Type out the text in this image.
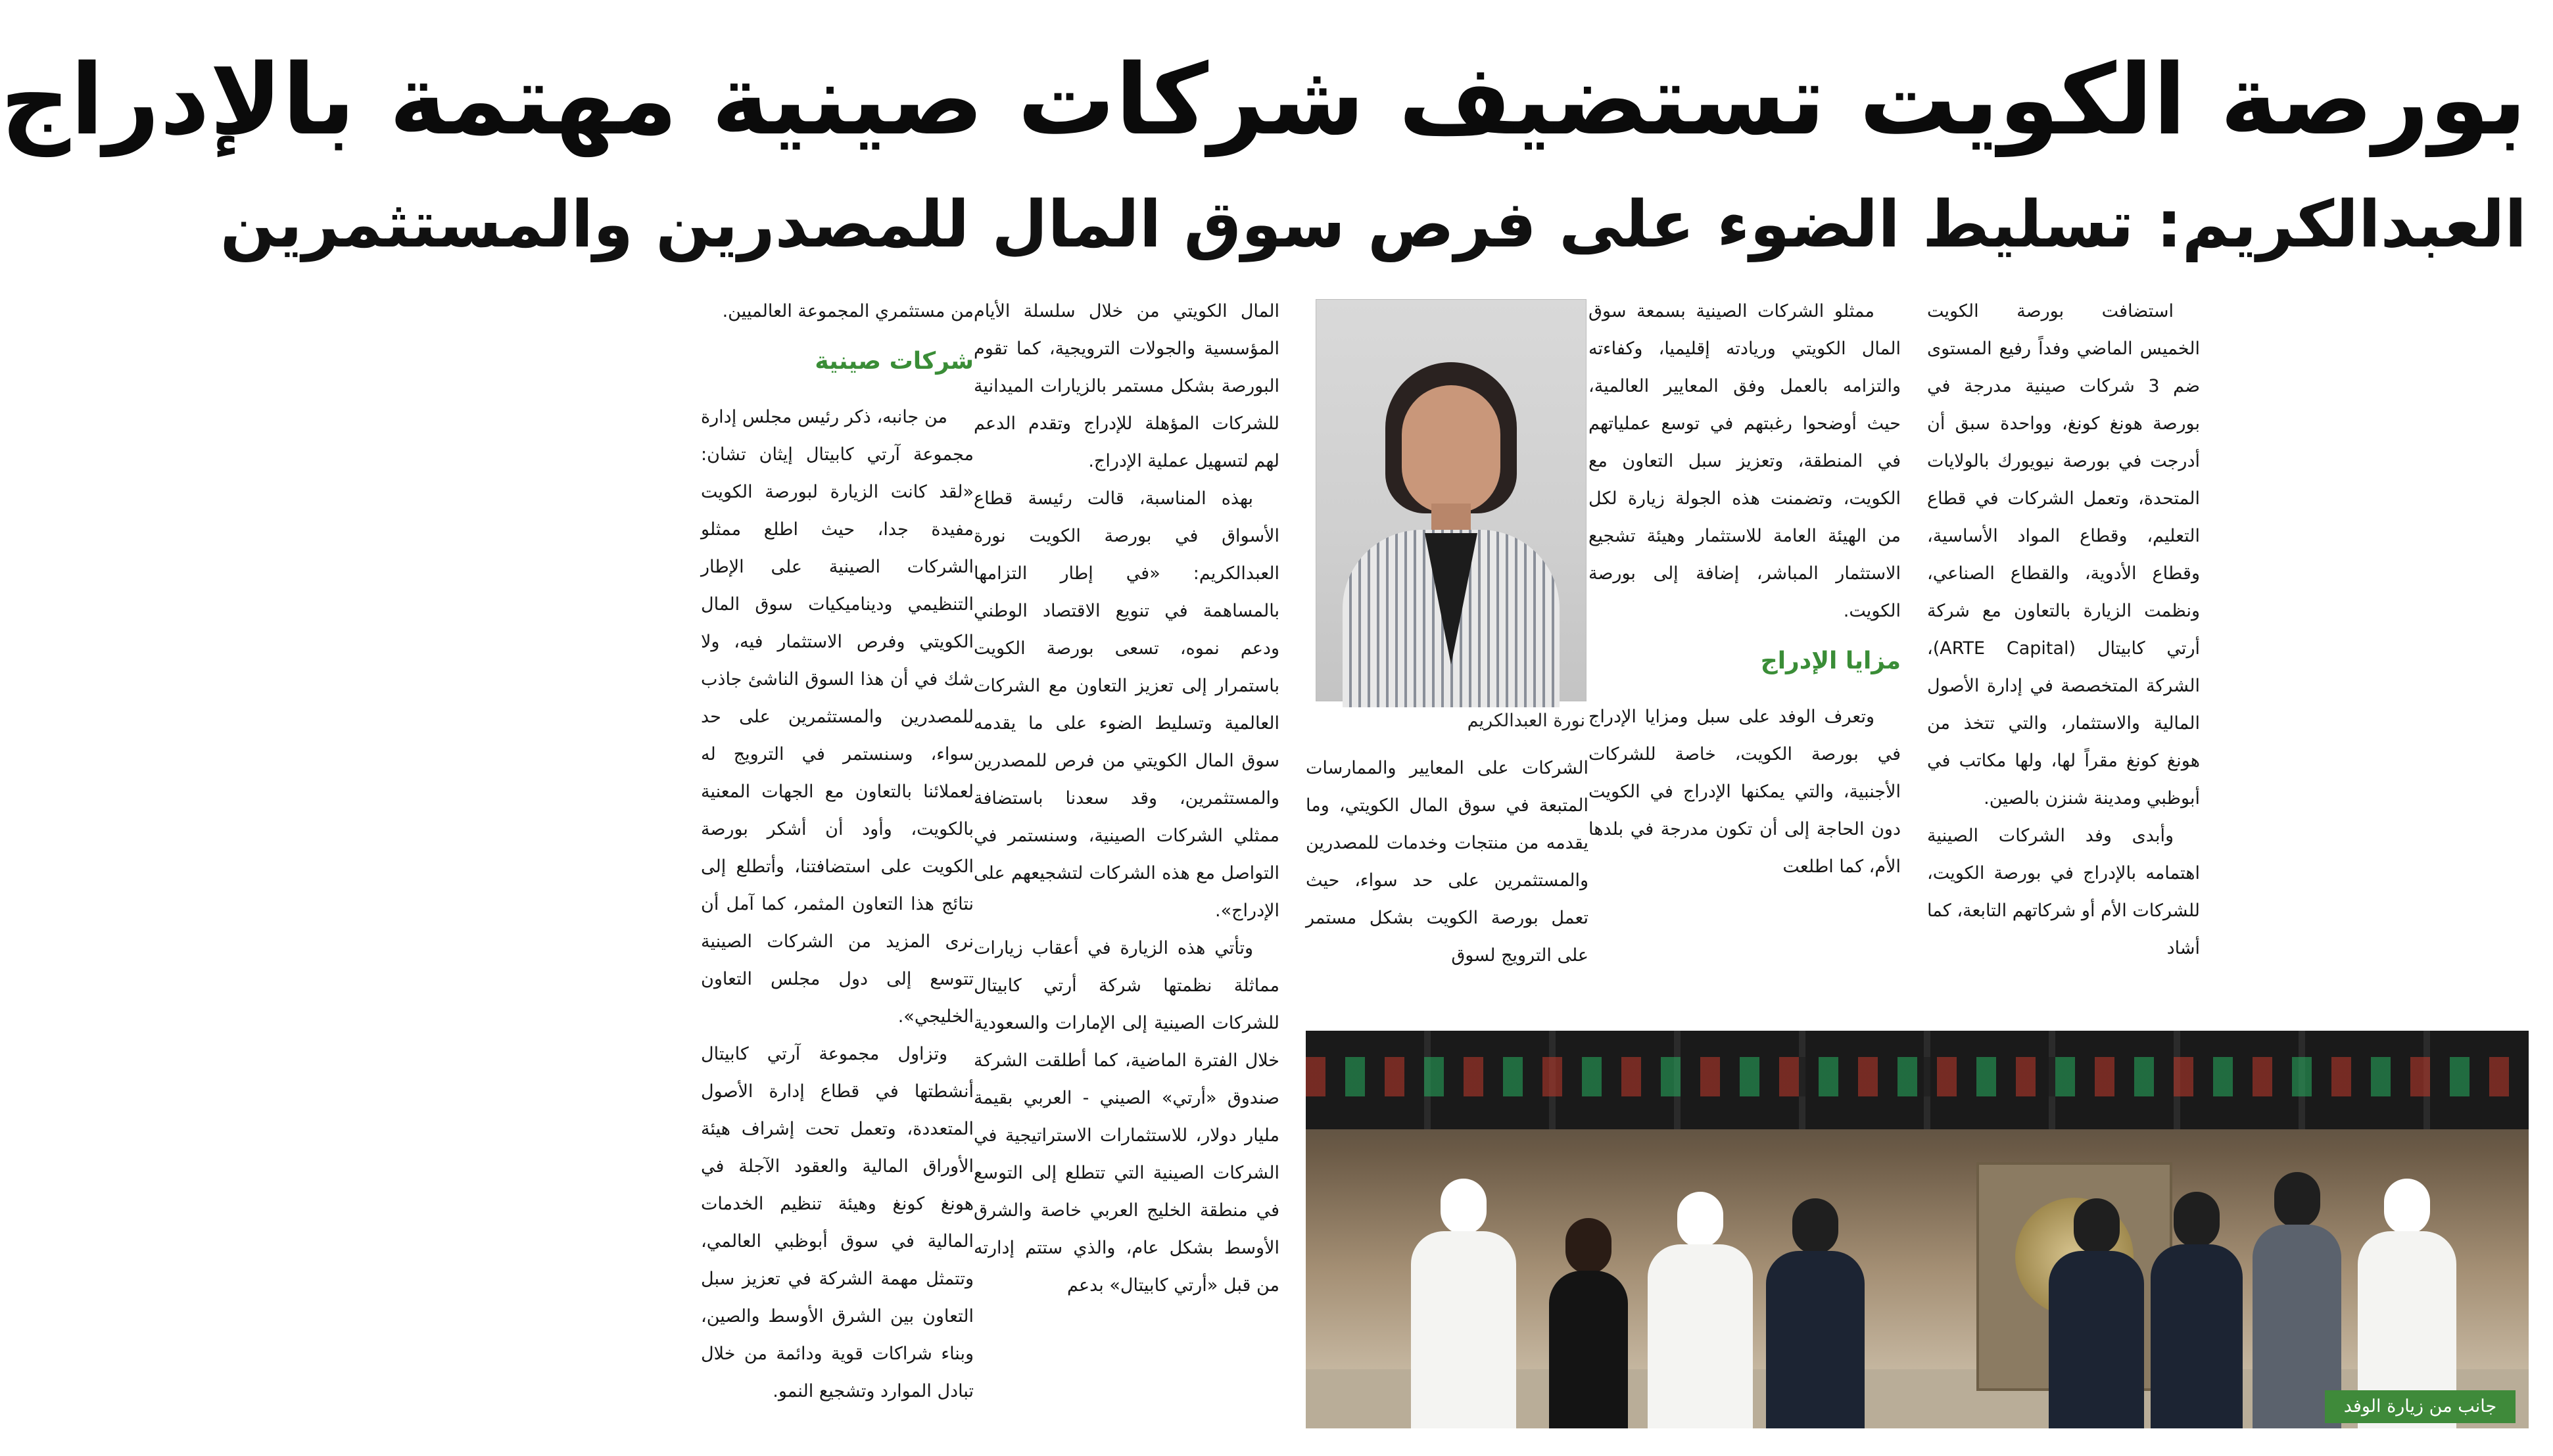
بورصة الكويت تستضيف شركات صينية مهتمة بالإدراج
العبدالكريم: تسليط الضوء على فرص سوق المال للمصدرين والمستثمرين

استضافت بورصة الكويت الخميس الماضي وفداً رفيع المستوى ضم 3 شركات صينية مدرجة في بورصة هونغ كونغ، وواحدة سبق أن أدرجت في بورصة نيويورك بالولايات المتحدة، وتعمل الشركات في قطاع التعليم، وقطاع المواد الأساسية، وقطاع الأدوية، والقطاع الصناعي، ونظمت الزيارة بالتعاون مع شركة أرتي كابيتال (ARTE Capital)، الشركة المتخصصة في إدارة الأصول المالية والاستثمار، والتي تتخذ من هونغ كونغ مقراً لها، ولها مكاتب في أبوظبي ومدينة شنزن بالصين.

وأبدى وفد الشركات الصينية اهتمامه بالإدراج في بورصة الكويت، للشركات الأم أو شركاتهم التابعة، كما أشاد

ممثلو الشركات الصينية بسمعة سوق المال الكويتي وريادته إقليميا، وكفاءته والتزامه بالعمل وفق المعايير العالمية، حيث أوضحوا رغبتهم في توسع عملياتهم في المنطقة، وتعزيز سبل التعاون مع الكويت، وتضمنت هذه الجولة زيارة لكل من الهيئة العامة للاستثمار وهيئة تشجيع الاستثمار المباشر، إضافة إلى بورصة الكويت.

مزايا الإدراج

وتعرف الوفد على سبل ومزايا الإدراج في بورصة الكويت، خاصة للشركات الأجنبية، والتي يمكنها الإدراج في الكويت دون الحاجة إلى أن تكون مدرجة في بلدها الأم، كما اطلعت

نورة العبدالكريم

الشركات على المعايير والممارسات المتبعة في سوق المال الكويتي، وما يقدمه من منتجات وخدمات للمصدرين والمستثمرين على حد سواء، حيث تعمل بورصة الكويت بشكل مستمر على الترويج لسوق

المال الكويتي من خلال سلسلة الأيام المؤسسية والجولات الترويجية، كما تقوم البورصة بشكل مستمر بالزيارات الميدانية للشركات المؤهلة للإدراج وتقدم الدعم لهم لتسهيل عملية الإدراج.

بهذه المناسبة، قالت رئيسة قطاع الأسواق في بورصة الكويت نورة العبدالكريم: «في إطار التزامها بالمساهمة في تنويع الاقتصاد الوطني ودعم نموه، تسعى بورصة الكويت باستمرار إلى تعزيز التعاون مع الشركات العالمية وتسليط الضوء على ما يقدمه سوق المال الكويتي من فرص للمصدرين والمستثمرين، وقد سعدنا باستضافة ممثلي الشركات الصينية، وسنستمر في التواصل مع هذه الشركات لتشجيعهم على الإدراج».

وتأتي هذه الزيارة في أعقاب زيارات مماثلة نظمتها شركة أرتي كابيتال للشركات الصينية إلى الإمارات والسعودية خلال الفترة الماضية، كما أطلقت الشركة صندوق «أرتي» الصيني - العربي بقيمة مليار دولار، للاستثمارات الاستراتيجية في الشركات الصينية التي تتطلع إلى التوسع في منطقة الخليج العربي خاصة والشرق الأوسط بشكل عام، والذي ستتم إدارته من قبل «أرتي كابيتال» بدعم

من مستثمري المجموعة العالميين.

شركات صينية

من جانبه، ذكر رئيس مجلس إدارة مجموعة آرتي كابيتال إيثان تشان: «لقد كانت الزيارة لبورصة الكويت مفيدة جدا، حيث اطلع ممثلو الشركات الصينية على الإطار التنظيمي وديناميكيات سوق المال الكويتي وفرص الاستثمار فيه، ولا شك في أن هذا السوق الناشئ جاذب للمصدرين والمستثمرين على حد سواء، وسنستمر في الترويج له لعملائنا بالتعاون مع الجهات المعنية بالكويت، وأود أن أشكر بورصة الكويت على استضافتنا، وأتطلع إلى نتائج هذا التعاون المثمر، كما آمل أن نرى المزيد من الشركات الصينية تتوسع إلى دول مجلس التعاون الخليجي».

وتزاول مجموعة آرتي كابيتال أنشطتها في قطاع إدارة الأصول المتعددة، وتعمل تحت إشراف هيئة الأوراق المالية والعقود الآجلة في هونغ كونغ وهيئة تنظيم الخدمات المالية في سوق أبوظبي العالمي، وتتمثل مهمة الشركة في تعزيز سبل التعاون بين الشرق الأوسط والصين، وبناء شراكات قوية ودائمة من خلال تبادل الموارد وتشجيع النمو.

جانب من زيارة الوفد الصيني للبورصة
